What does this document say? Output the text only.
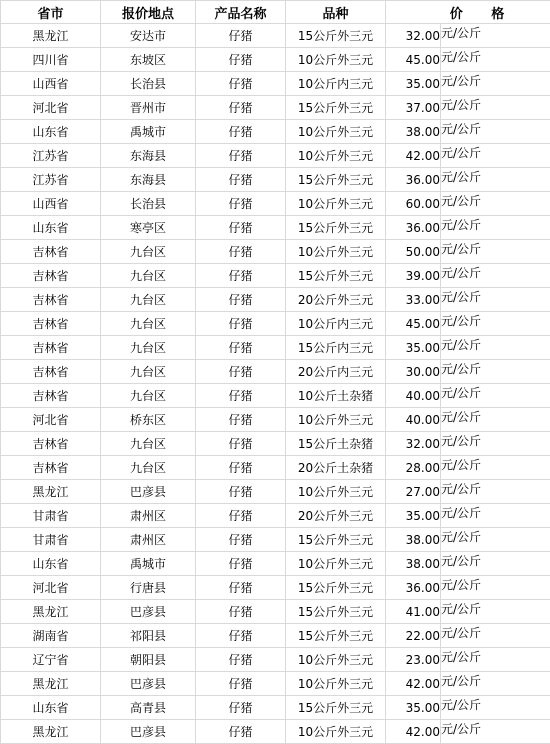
省市	报价地点	产品名称	品种	价 格	
黑龙江	安达市	仔猪	15公斤外三元	32.00	元/公斤
四川省	东坡区	仔猪	10公斤外三元	45.00	元/公斤
山西省	长治县	仔猪	10公斤内三元	35.00	元/公斤
河北省	晋州市	仔猪	15公斤外三元	37.00	元/公斤
山东省	禹城市	仔猪	10公斤外三元	38.00	元/公斤
江苏省	东海县	仔猪	10公斤外三元	42.00	元/公斤
江苏省	东海县	仔猪	15公斤外三元	36.00	元/公斤
山西省	长治县	仔猪	10公斤外三元	60.00	元/公斤
山东省	寒亭区	仔猪	15公斤外三元	36.00	元/公斤
吉林省	九台区	仔猪	10公斤外三元	50.00	元/公斤
吉林省	九台区	仔猪	15公斤外三元	39.00	元/公斤
吉林省	九台区	仔猪	20公斤外三元	33.00	元/公斤
吉林省	九台区	仔猪	10公斤内三元	45.00	元/公斤
吉林省	九台区	仔猪	15公斤内三元	35.00	元/公斤
吉林省	九台区	仔猪	20公斤内三元	30.00	元/公斤
吉林省	九台区	仔猪	10公斤土杂猪	40.00	元/公斤
河北省	桥东区	仔猪	10公斤外三元	40.00	元/公斤
吉林省	九台区	仔猪	15公斤土杂猪	32.00	元/公斤
吉林省	九台区	仔猪	20公斤土杂猪	28.00	元/公斤
黑龙江	巴彦县	仔猪	10公斤外三元	27.00	元/公斤
甘肃省	肃州区	仔猪	20公斤外三元	35.00	元/公斤
甘肃省	肃州区	仔猪	15公斤外三元	38.00	元/公斤
山东省	禹城市	仔猪	10公斤外三元	38.00	元/公斤
河北省	行唐县	仔猪	15公斤外三元	36.00	元/公斤
黑龙江	巴彦县	仔猪	15公斤外三元	41.00	元/公斤
湖南省	祁阳县	仔猪	15公斤外三元	22.00	元/公斤
辽宁省	朝阳县	仔猪	10公斤外三元	23.00	元/公斤
黑龙江	巴彦县	仔猪	10公斤外三元	42.00	元/公斤
山东省	高青县	仔猪	15公斤外三元	35.00	元/公斤
黑龙江	巴彦县	仔猪	10公斤外三元	42.00	元/公斤
